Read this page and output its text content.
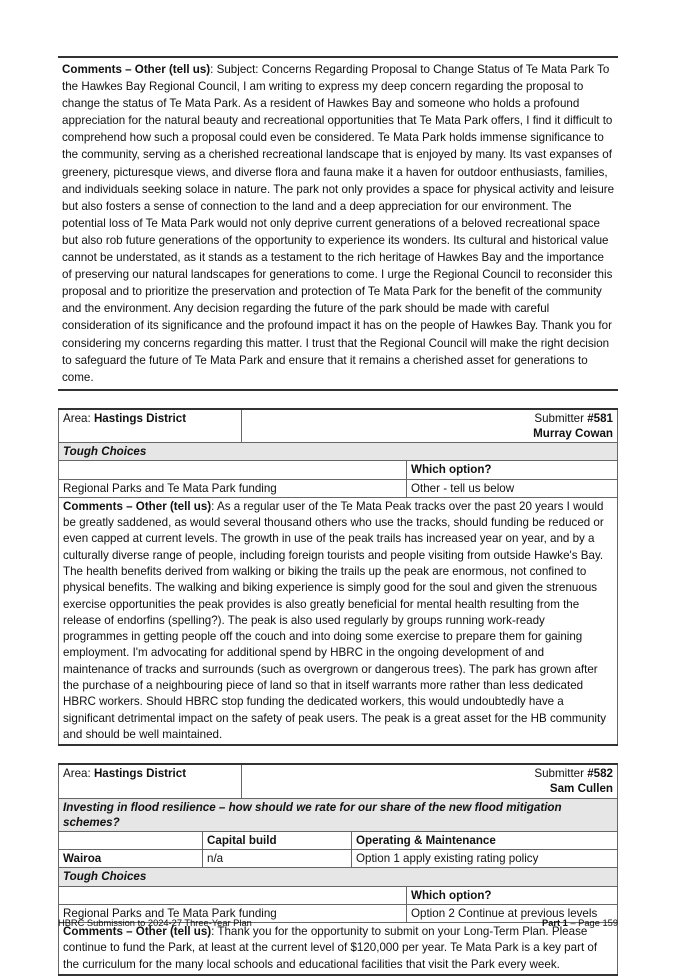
Comments – Other (tell us): Subject: Concerns Regarding Proposal to Change Status of Te Mata Park To the Hawkes Bay Regional Council, I am writing to express my deep concern regarding the proposal to change the status of Te Mata Park. As a resident of Hawkes Bay and someone who holds a profound appreciation for the natural beauty and recreational opportunities that Te Mata Park offers, I find it difficult to comprehend how such a proposal could even be considered. Te Mata Park holds immense significance to the community, serving as a cherished recreational landscape that is enjoyed by many. Its vast expanses of greenery, picturesque views, and diverse flora and fauna make it a haven for outdoor enthusiasts, families, and individuals seeking solace in nature. The park not only provides a space for physical activity and leisure but also fosters a sense of connection to the land and a deep appreciation for our environment. The potential loss of Te Mata Park would not only deprive current generations of a beloved recreational space but also rob future generations of the opportunity to experience its wonders. Its cultural and historical value cannot be understated, as it stands as a testament to the rich heritage of Hawkes Bay and the importance of preserving our natural landscapes for generations to come. I urge the Regional Council to reconsider this proposal and to prioritize the preservation and protection of Te Mata Park for the benefit of the community and the environment. Any decision regarding the future of the park should be made with careful consideration of its significance and the profound impact it has on the people of Hawkes Bay. Thank you for considering my concerns regarding this matter. I trust that the Regional Council will make the right decision to safeguard the future of Te Mata Park and ensure that it remains a cherished asset for generations to come.
Area: Hastings District	Submitter #581
Murray Cowan	
Tough Choices		
		Which option?
Regional Parks and Te Mata Park funding		Other - tell us below
Comments – Other (tell us): As a regular user of the Te Mata Peak tracks over the past 20 years I would be greatly saddened, as would several thousand others who use the tracks, should funding be reduced or even capped at current levels. The growth in use of the peak trails has increased year on year, and by a culturally diverse range of people, including foreign tourists and people visiting from outside Hawke's Bay. The health benefits derived from walking or biking the trails up the peak are enormous, not confined to physical benefits. The walking and biking experience is simply good for the soul and given the strenuous exercise opportunities the peak provides is also greatly beneficial for mental health resulting from the release of endorfins (spelling?). The peak is also used regularly by groups running work-ready programmes in getting people off the couch and into doing some exercise to prepare them for gaining employment. I'm advocating for additional spend by HBRC in the ongoing development of and maintenance of tracks and surrounds (such as overgrown or dangerous trees). The park has grown after the purchase of a neighbouring piece of land so that in itself warrants more rather than less dedicated HBRC workers. Should HBRC stop funding the dedicated workers, this would undoubtedly have a significant detrimental impact on the safety of peak users. The peak is a great asset for the HB community and should be well maintained.		
Area: Hastings District		Submitter #582
Sam Cullen		
Investing in flood resilience – how should we rate for our share of the new flood mitigation schemes?				
	Capital build		Operating & Maintenance	
Wairoa	n/a		Option 1 apply existing rating policy	
Tough Choices				
				Which option?
Regional Parks and Te Mata Park funding				Option 2 Continue at previous levels
Comments – Other (tell us): Thank you for the opportunity to submit on your Long-Term Plan. Please continue to fund the Park, at least at the current level of $120,000 per year. Te Mata Park is a key part of the curriculum for the many local schools and educational facilities that visit the Park every week.				
HBRC Submission to 2024-27 Three-Year Plan	Part 1 – Page 159
